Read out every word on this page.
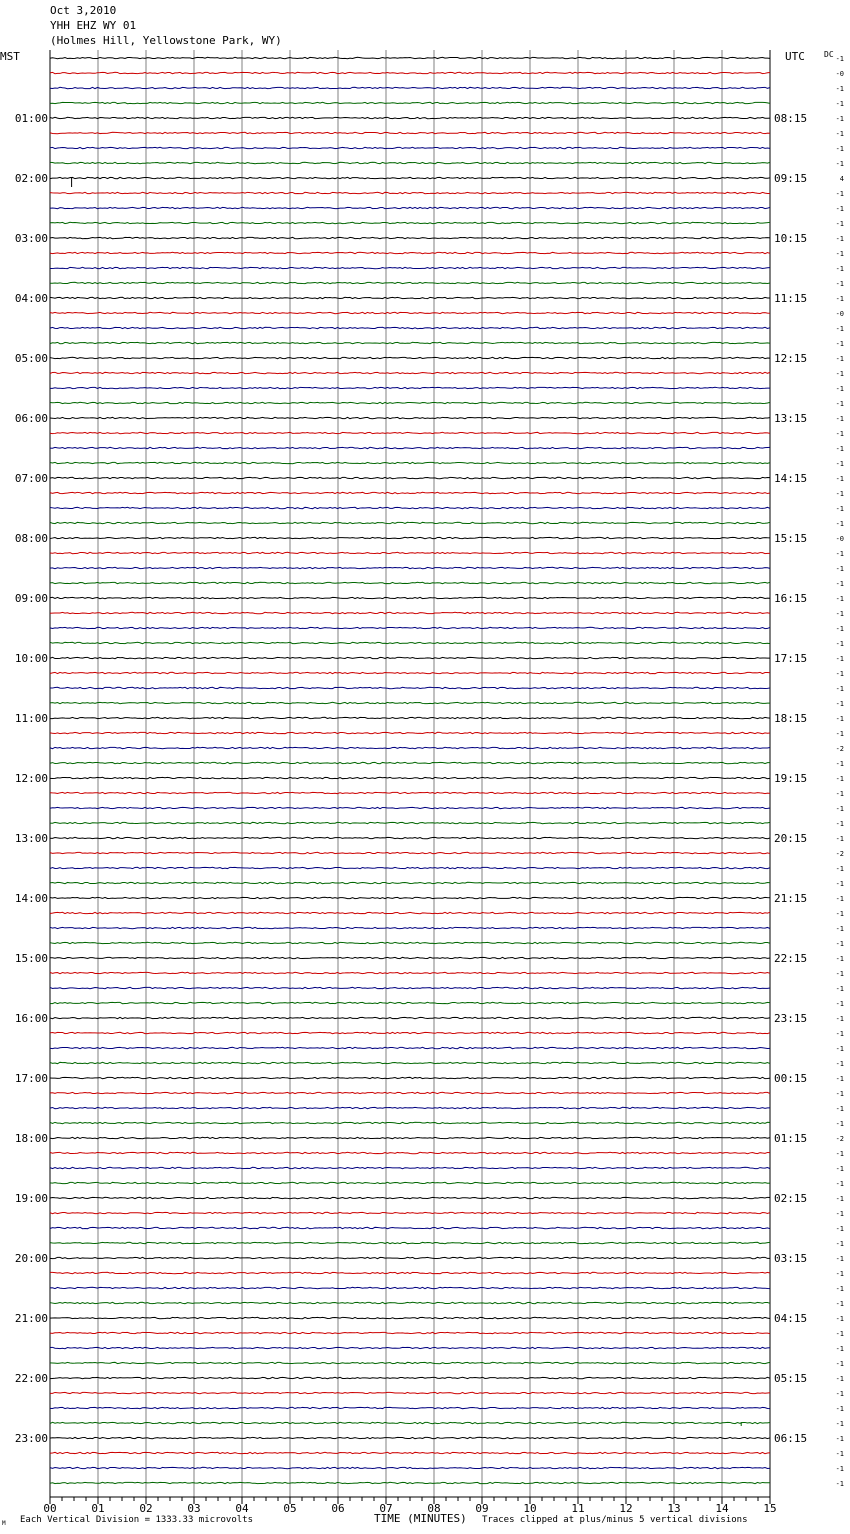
Oct 3,2010
YHH EHZ WY 01
(Holmes Hill, Yellowstone Park, WY)
MST	UTC DC
00	01	02	03	04	05	06	07	08	09	10	11	12	13	14	15
01:00	08:15
02:00	09:15
03:00	10:15
04:00	11:15
05:00	12:15
06:00	13:15
07:00	14:15
08:00	15:15
09:00	16:15
10:00	17:15
11:00	18:15
12:00	19:15
13:00	20:15
14:00	21:15
15:00	22:15
16:00	23:15
17:00	00:15
18:00	01:15
19:00	02:15
20:00	03:15
21:00	04:15
22:00	05:15
23:00	06:15
-1
-0
-1
-1
-1
-1
-1
-1
4
-1
-1
-1
-1
-1
-1
-1
-1
-0
-1
-1
-1
-1
-1
-1
-1
-1
-1
-1
-1
-1
-1
-1
-0
-1
-1
-1
-1
-1
-1
-1
-1
-1
-1
-1
-1
-1
-2
-1
-1
-1
-1
-1
-1
-2
-1
-1
-1
-1
-1
-1
-1
-1
-1
-1
-1
-1
-1
-1
-1
-1
-1
-1
-2
-1
-1
-1
-1
-1
-1
-1
-1
-1
-1
-1
-1
-1
-1
-1
-1
-1
-1
-1
-1
-1
-1
-1
M Each Vertical Division = 1333.33 microvolts	TIME (MINUTES) Traces clipped at plus/minus 5 vertical divisions
